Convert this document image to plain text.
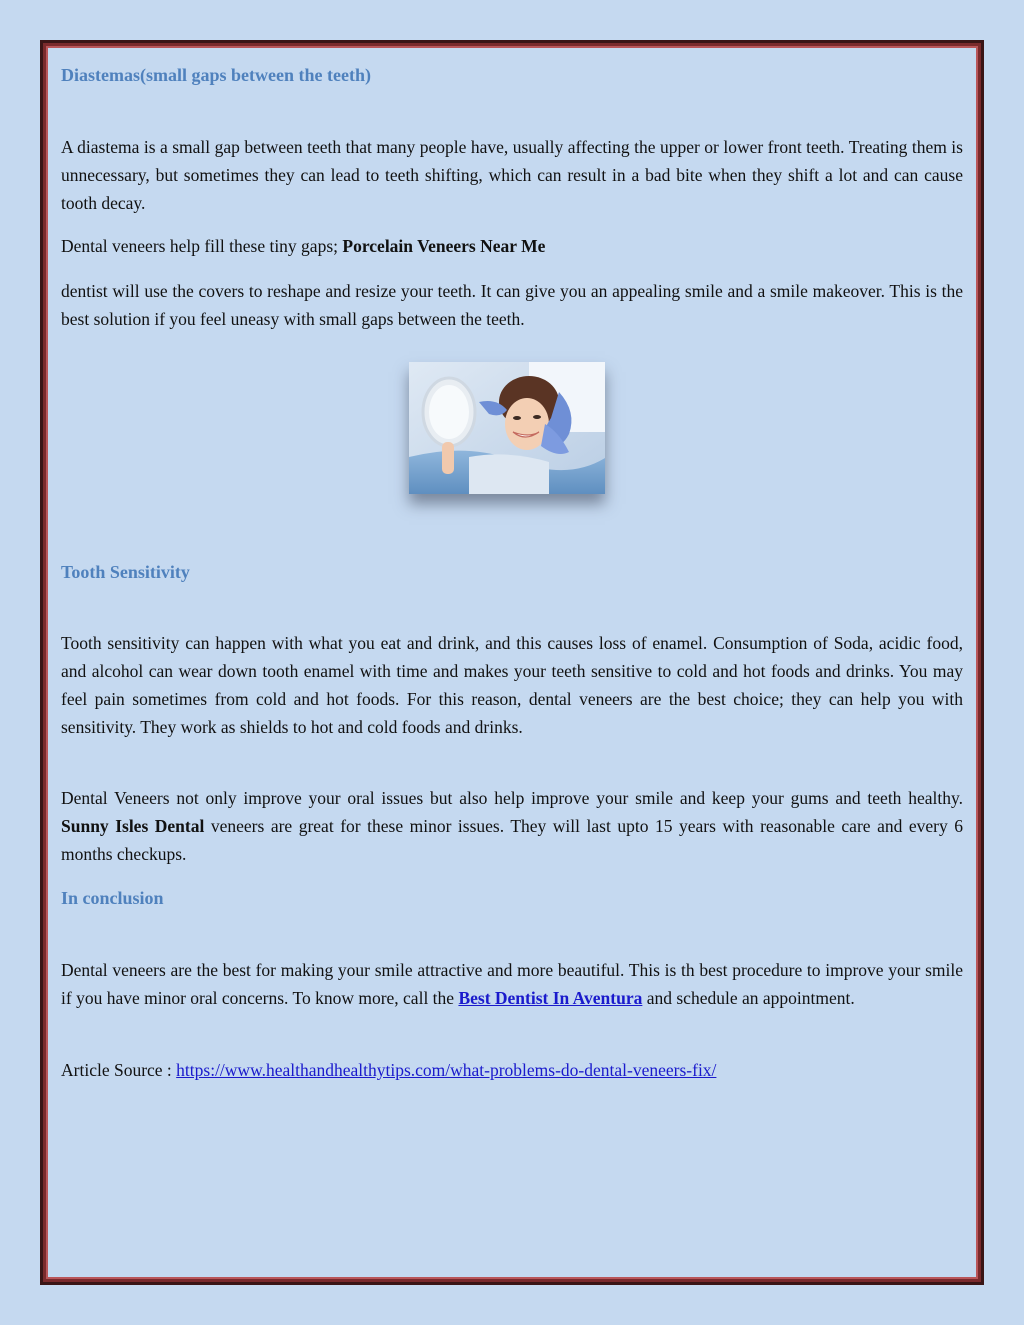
Diastemas(small gaps between the teeth)

A diastema is a small gap between teeth that many people have, usually affecting the upper or lower front teeth. Treating them is unnecessary, but sometimes they can lead to teeth shifting, which can result in a bad bite when they shift a lot and can cause tooth decay.

Dental veneers help fill these tiny gaps; Porcelain Veneers Near Me

dentist will use the covers to reshape and resize your teeth. It can give you an appealing smile and a smile makeover. This is the best solution if you feel uneasy with small gaps between the teeth.

Tooth Sensitivity

Tooth sensitivity can happen with what you eat and drink, and this causes loss of enamel. Consumption of Soda, acidic food, and alcohol can wear down tooth enamel with time and makes your teeth sensitive to cold and hot foods and drinks. You may feel pain sometimes from cold and hot foods. For this reason, dental veneers are the best choice; they can help you with sensitivity. They work as shields to hot and cold foods and drinks.

Dental Veneers not only improve your oral issues but also help improve your smile and keep your gums and teeth healthy. Sunny Isles Dental veneers are great for these minor issues. They will last upto 15 years with reasonable care and every 6 months checkups.

In conclusion

Dental veneers are the best for making your smile attractive and more beautiful. This is th best procedure to improve your smile if you have minor oral concerns. To know more, call the Best Dentist In Aventura and schedule an appointment.

Article Source : https://www.healthandhealthytips.com/what-problems-do-dental-veneers-fix/
